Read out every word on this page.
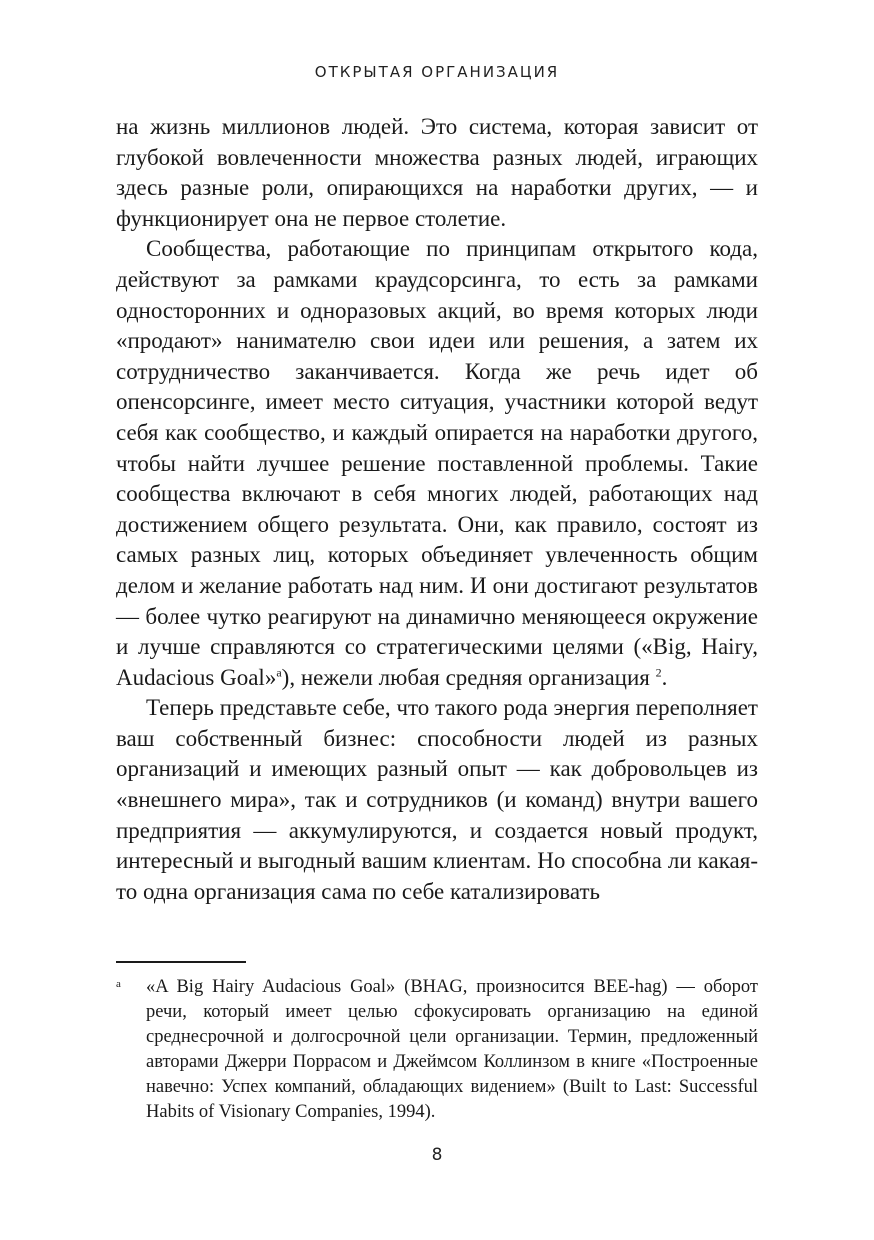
ОТКРЫТАЯ ОРГАНИЗАЦИЯ

на жизнь миллионов людей. Это система, которая зависит от глубокой вовлеченности множества разных людей, играющих здесь разные роли, опирающихся на наработки других, — и функционирует она не первое столетие.

Сообщества, работающие по принципам открытого кода, действуют за рамками краудсорсинга, то есть за рамками односторонних и одноразовых акций, во время которых люди «продают» нанимателю свои идеи или решения, а затем их сотрудничество заканчивается. Когда же речь идет об опенсорсинге, имеет место ситуация, участники которой ведут себя как сообщество, и каждый опирается на наработки другого, чтобы найти лучшее решение поставленной проблемы. Такие сообщества включают в себя многих людей, работающих над достижением общего результата. Они, как правило, состоят из самых разных лиц, которых объединяет увлеченность общим делом и желание работать над ним. И они достигают результатов — более чутко реагируют на динамично меняющееся окружение и лучше справляются со стратегическими целями («Big, Hairy, Audacious Goal»$^a$), нежели любая средняя организация $^2$.

Теперь представьте себе, что такого рода энергия переполняет ваш собственный бизнес: способности людей из разных организаций и имеющих разный опыт — как добровольцев из «внешнего мира», так и сотрудников (и команд) внутри вашего предприятия — аккумулируются, и создается новый продукт, интересный и выгодный вашим клиентам. Но способна ли какая-то одна организация сама по себе катализировать

a «A Big Hairy Audacious Goal» (BHAG, произносится BEE-hag) — оборот речи, который имеет целью сфокусировать организацию на единой среднесрочной и долгосрочной цели организации. Термин, предложенный авторами Джерри Поррасом и Джеймсом Коллинзом в книге «Построенные навечно: Успех компаний, обладающих видением» (Built to Last: Successful Habits of Visionary Companies, 1994).
8
